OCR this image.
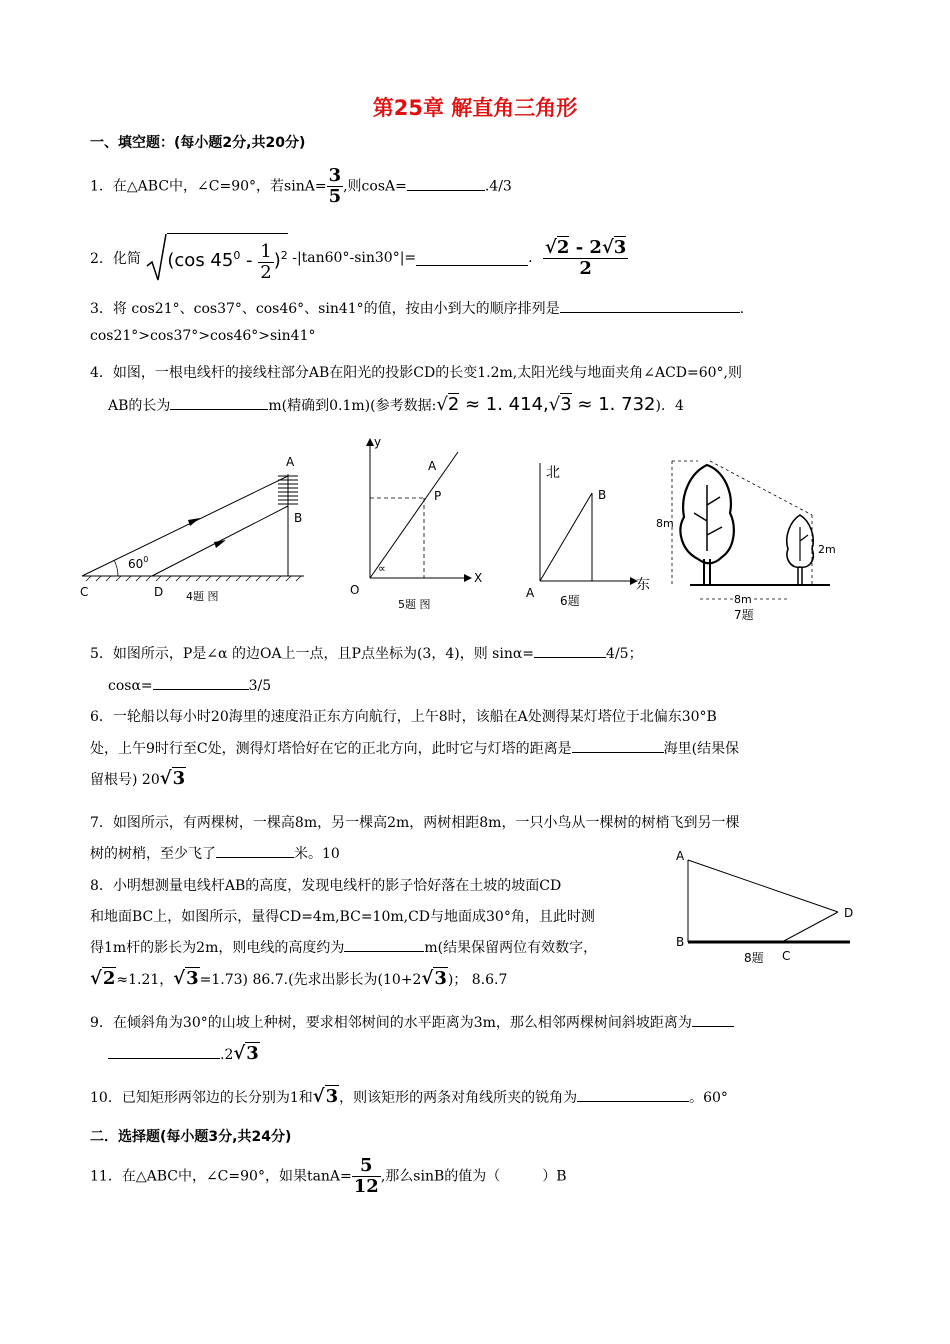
第25章 解直角三角形
一、填空题：(每小题2分,共20分)
1．在△ABC中，∠C=90°，若$\sin A= \frac{3}{5}$ ,则cosA=	.4/3
2．化简 (cos $45^0 - \frac{1}{2} )^2$ -|tan60°-sin30°|=	. $\frac{√2 - 2√3}{2}$
3．将 cos21°、cos37°、cos46°、sin41°的值，按由小到大的顺序排列是	.
cos21°>cos37°>cos46°>sin41°
4．如图，一根电线杆的接线柱部分AB在阳光的投影CD的长变1.2m,太阳光线与地面夹角∠ACD=60°,则
AB的长为	m(精确到0.1m)(参考数据:√2 ≈ 1. 414,√3 ≈ 1. 732)．4
A
B
C	D
$60^0$
4题 图
y
X
O
A
P
∝
5题 图
北
B
A
6题
东
8m
2m
8m
7题
5．如图所示，P是∠α 的边OA上一点，且P点坐标为(3，4)，则 sinα=	4/5；
cosα=	3/5
6．一轮船以每小时20海里的速度沿正东方向航行，上午8时，该船在A处测得某灯塔位于北偏东30°B
处，上午9时行至C处，测得灯塔恰好在它的正北方向，此时它与灯塔的距离是	海里(结果保
留根号) 20√3
7．如图所示，有两棵树，一棵高8m，另一棵高2m，两树相距8m，一只小鸟从一棵树的树梢飞到另一棵
树的树梢，至少飞了	米。10	A
B
C
D
8题
8．小明想测量电线杆AB的高度，发现电线杆的影子恰好落在土坡的坡面CD
和地面BC上，如图所示，量得CD=4m,BC=10m,CD与地面成30°角，且此时测
得1m杆的影长为2m，则电线的高度约为	m(结果保留两位有效数字，
√2≈1.21，√3=1.73) 86.7.(先求出影长为(10+2√3)； 8.6.7
9．在倾斜角为30°的山坡上种树，要求相邻树间的水平距离为3m，那么相邻两棵树间斜坡距离为
.2√3
10．已知矩形两邻边的长分别为1和√3，则该矩形的两条对角线所夹的锐角为	。60°
二．选择题(每小题3分,共24分)
11．在△ABC中，∠C=90°，如果$\tan A= \frac{5}{12}$ ,那么sinB的值为（　　　）B
